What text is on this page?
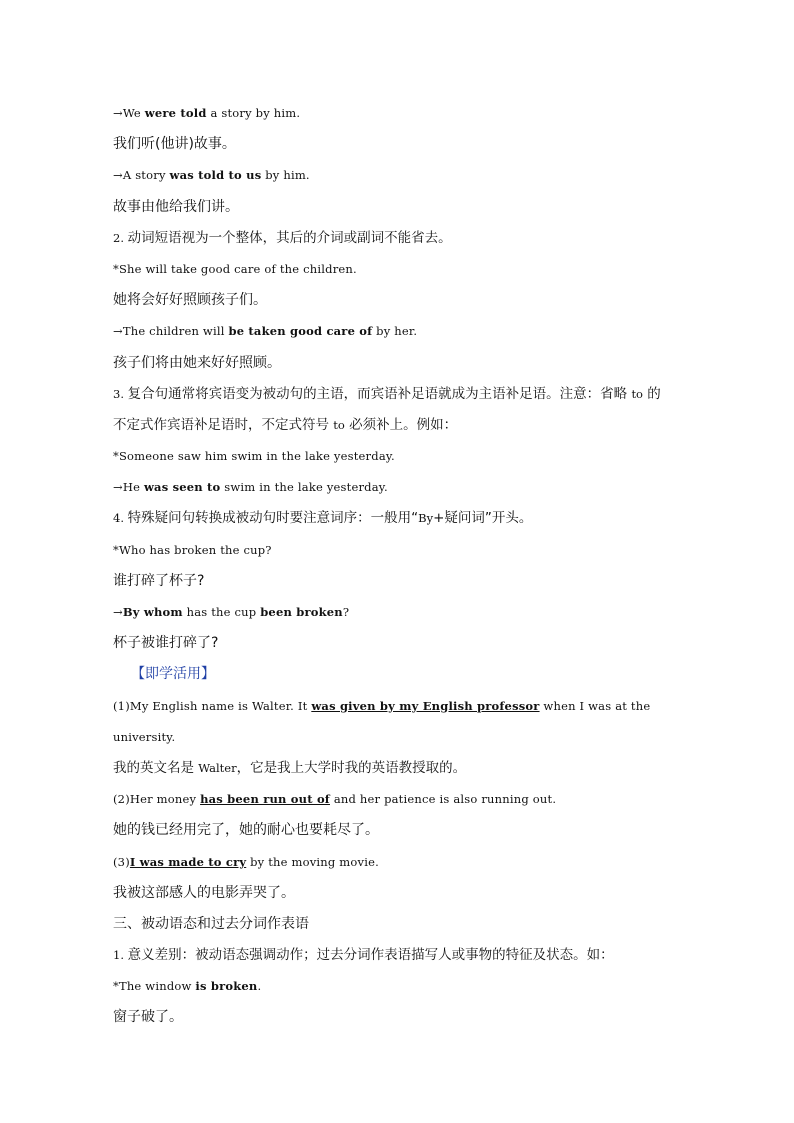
→We were told a story by him.
我们听(他讲)故事。
→A story was told to us by him.
故事由他给我们讲。
2. 动词短语视为一个整体，其后的介词或副词不能省去。
*She will take good care of the children.
她将会好好照顾孩子们。
→The children will be taken good care of by her.
孩子们将由她来好好照顾。
3. 复合句通常将宾语变为被动句的主语，而宾语补足语就成为主语补足语。注意：省略 to 的
不定式作宾语补足语时，不定式符号 to 必须补上。例如：
*Someone saw him swim in the lake yesterday.
→He was seen to swim in the lake yesterday.
4. 特殊疑问句转换成被动句时要注意词序：一般用“By+疑问词”开头。
*Who has broken the cup?
谁打碎了杯子?
→By whom has the cup been broken?
杯子被谁打碎了?
【即学活用】
(1)My English name is Walter. It was given by my English professor when I was at the
university.
我的英文名是 Walter，它是我上大学时我的英语教授取的。
(2)Her money has been run out of and her patience is also running out.
她的钱已经用完了，她的耐心也要耗尽了。
(3)I was made to cry by the moving movie.
我被这部感人的电影弄哭了。
三、被动语态和过去分词作表语
1. 意义差别：被动语态强调动作；过去分词作表语描写人或事物的特征及状态。如：
*The window is broken.
窗子破了。
